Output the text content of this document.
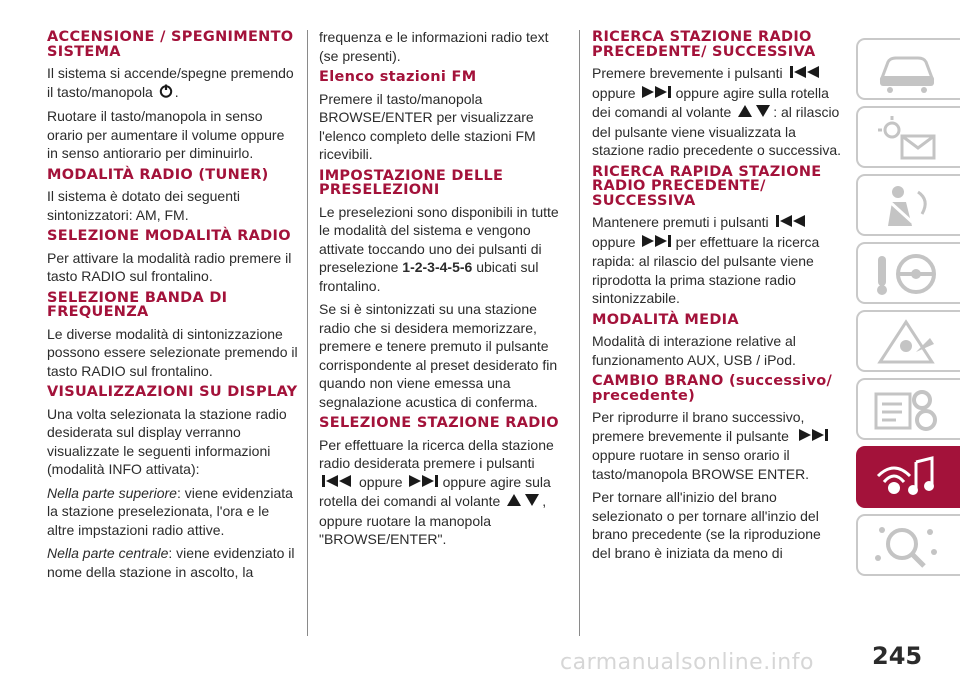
ACCENSIONE / SPEGNIMENTO SISTEMA

Il sistema si accende/spegne premendo il tasto/manopola .

Ruotare il tasto/manopola in senso orario per aumentare il volume oppure in senso antiorario per diminuirlo.

MODALITÀ RADIO (TUNER)

Il sistema è dotato dei seguenti sintonizzatori: AM, FM.

SELEZIONE MODALITÀ RADIO

Per attivare la modalità radio premere il tasto RADIO sul frontalino.

SELEZIONE BANDA DI FREQUENZA

Le diverse modalità di sintonizzazione possono essere selezionate premendo il tasto RADIO sul frontalino.

VISUALIZZAZIONI SU DISPLAY

Una volta selezionata la stazione radio desiderata sul display verranno visualizzate le seguenti informazioni (modalità INFO attivata):

Nella parte superiore: viene evidenziata la stazione preselezionata, l'ora e le altre impstazioni radio attive.

Nella parte centrale: viene evidenziato il nome della stazione in ascolto, la

frequenza e le informazioni radio text (se presenti).

Elenco stazioni FM

Premere il tasto/manopola BROWSE/ENTER per visualizzare l'elenco completo delle stazioni FM ricevibili.

IMPOSTAZIONE DELLE PRESELEZIONI

Le preselezioni sono disponibili in tutte le modalità del sistema e vengono attivate toccando uno dei pulsanti di preselezione 1-2-3-4-5-6 ubicati sul frontalino.

Se si è sintonizzati su una stazione radio che si desidera memorizzare, premere e tenere premuto il pulsante corrispondente al preset desiderato fin quando non viene emessa una segnalazione acustica di conferma.

SELEZIONE STAZIONE RADIO

Per effettuare la ricerca della stazione radio desiderata premere i pulsanti oppure	oppure agire sula rotella dei comandi al volante	, oppure ruotare la manopola "BROWSE/ENTER".

RICERCA STAZIONE RADIO PRECEDENTE/ SUCCESSIVA

Premere brevemente i pulsanti oppure	oppure agire sulla rotella dei comandi al volante	: al rilascio del pulsante viene visualizzata la stazione radio precedente o successiva.

RICERCA RAPIDA STAZIONE RADIO PRECEDENTE/ SUCCESSIVA

Mantenere premuti i pulsanti oppure	per effettuare la ricerca rapida: al rilascio del pulsante viene riprodotta la prima stazione radio sintonizzabile.

MODALITÀ MEDIA

Modalità di interazione relative al funzionamento AUX, USB / iPod.

CAMBIO BRANO (successivo/ precedente)

Per riprodurre il brano successivo, premere brevemente il pulsante oppure ruotare in senso orario il tasto/manopola BROWSE ENTER.

Per tornare all'inizio del brano selezionato o per tornare all'inzio del brano precedente (se la riproduzione del brano è iniziata da meno di

carmanualsonline.info 245
